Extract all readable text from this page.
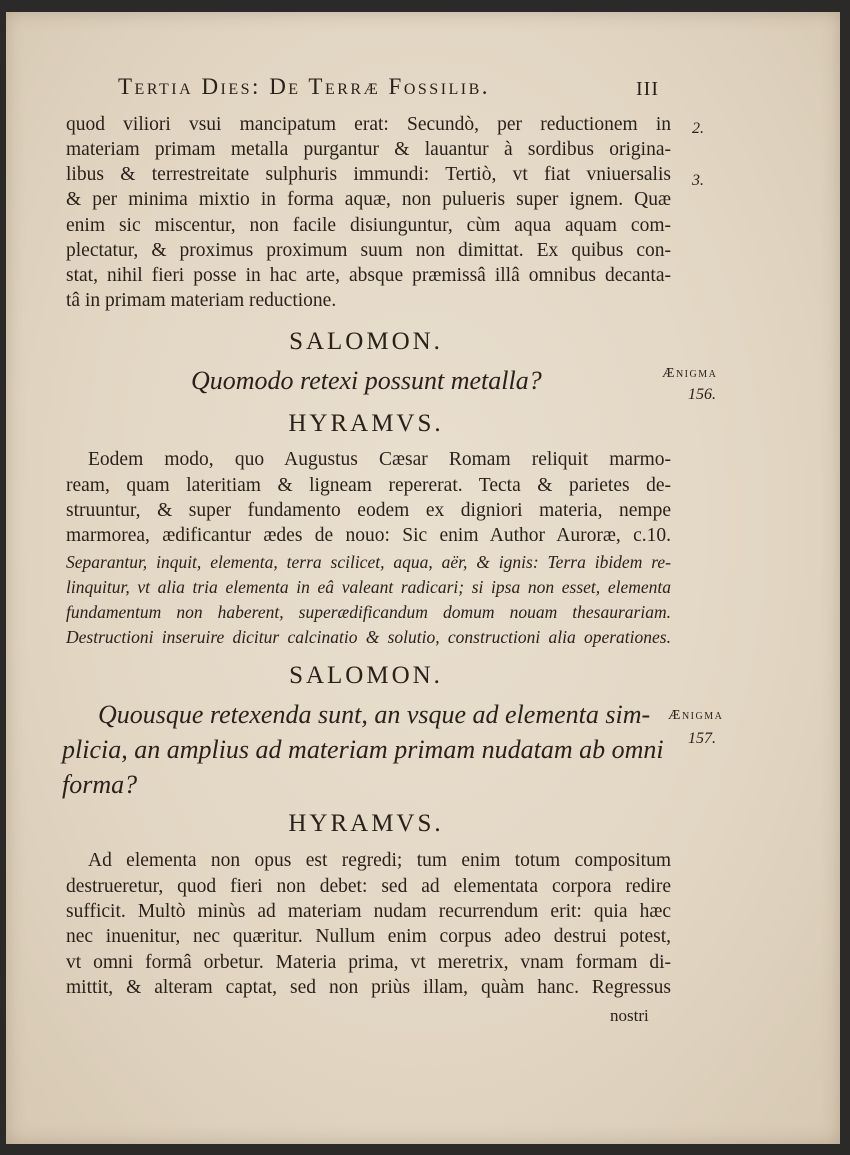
Tertia Dies: De Terræ Fossilib.	III
quod viliori vsui mancipatum erat: Secundò, per reductionem in
materiam primam metalla purgantur & lauantur à sordibus origina-
libus & terrestreitate sulphuris immundi: Tertiò, vt fiat vniuersalis
& per minima mixtio in forma aquæ, non pulueris super ignem. Quæ
enim sic miscentur, non facile disiunguntur, cùm aqua aquam com-
plectatur, & proximus proximum suum non dimittat. Ex quibus con-
stat, nihil fieri posse in hac arte, absque præmissâ illâ omnibus decanta-
tâ in primam materiam reductione.
2.
3.
SALOMON.
Quomodo retexi possunt metalla?	Ænigma
156.
HYRAMVS.
Eodem modo, quo Augustus Cæsar Romam reliquit marmo-
ream, quam lateritiam & ligneam repererat. Tecta & parietes de-
struuntur, & super fundamento eodem ex digniori materia, nempe
marmorea, ædificantur ædes de nouo: Sic enim Author Auroræ, c.10.
Separantur, inquit, elementa, terra scilicet, aqua, aër, & ignis: Terra ibidem re-
linquitur, vt alia tria elementa in eâ valeant radicari; si ipsa non esset, elementa
fundamentum non haberent, superædificandum domum nouam thesaurariam.
Destructioni inseruire dicitur calcinatio & solutio, constructioni alia operationes.
SALOMON.
Quousque retexenda sunt, an vsque ad elementa sim-
plicia, an amplius ad materiam primam nudatam ab omni
forma?
Ænigma
157.
HYRAMVS.
Ad elementa non opus est regredi; tum enim totum compositum
destrueretur, quod fieri non debet: sed ad elementata corpora redire
sufficit. Multò minùs ad materiam nudam recurrendum erit: quia hæc
nec inuenitur, nec quæritur. Nullum enim corpus adeo destrui potest,
vt omni formâ orbetur. Materia prima, vt meretrix, vnam formam di-
mittit, & alteram captat, sed non priùs illam, quàm hanc. Regressus
nostri
